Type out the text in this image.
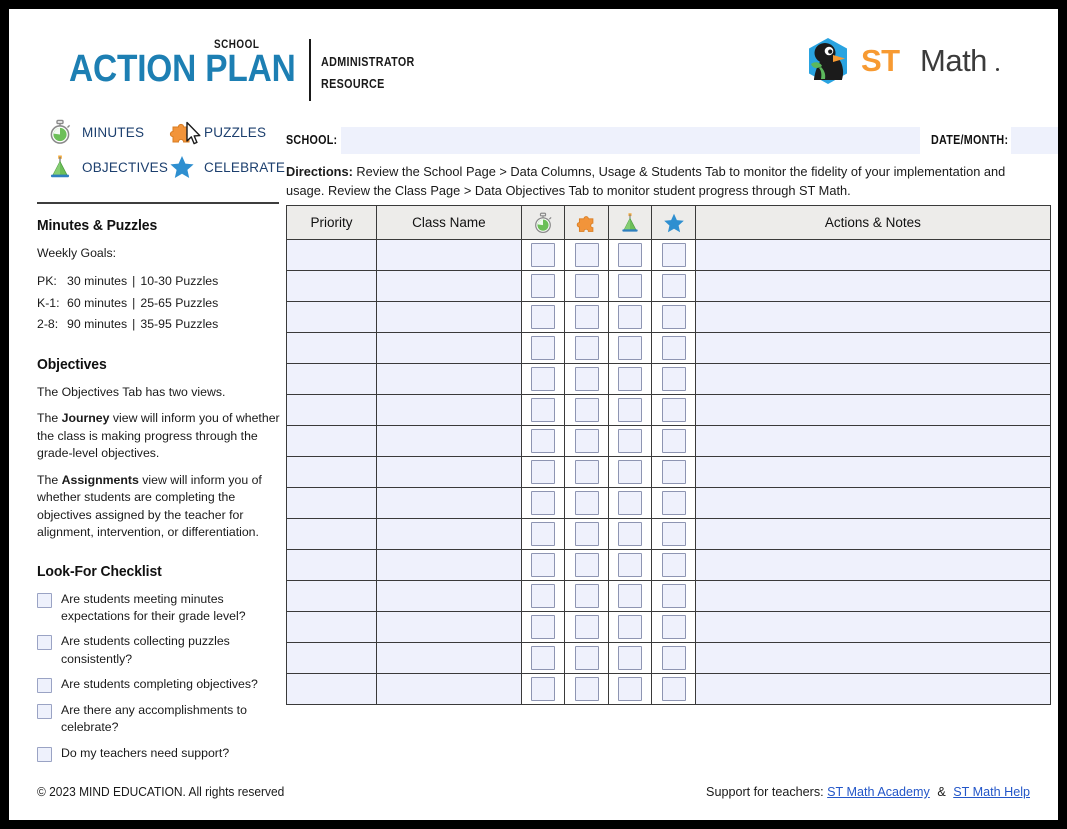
SCHOOL
ACTION PLAN ADMINISTRATOR
RESOURCE
ST Math
MINUTES	PUZZLES
OBJECTIVES	CELEBRATE
Minutes & Puzzles
Weekly Goals:
PK: 30 minutes | 10-30 Puzzles
K-1: 60 minutes | 25-65 Puzzles
2-8: 90 minutes | 35-95 Puzzles
Objectives
The Objectives Tab has two views.
The Journey view will inform you of whether the class is making progress through the grade-level objectives.
The Assignments view will inform you of whether students are completing the objectives assigned by the teacher for alignment, intervention, or differentiation.
Look-For Checklist
Are students meeting minutes expectations for their grade level?
Are students collecting puzzles consistently?
Are students completing objectives?
Are there any accomplishments to celebrate?
Do my teachers need support?
SCHOOL:	DATE/MONTH:
Directions: Review the School Page > Data Columns, Usage & Students Tab to monitor the fidelity of your implementation and usage. Review the Class Page > Data Objectives Tab to monitor student progress through ST Math.
Priority	Class Name					Actions & Notes

© 2023 MIND EDUCATION. All rights reserved	Support for teachers: ST Math Academy & ST Math Help
